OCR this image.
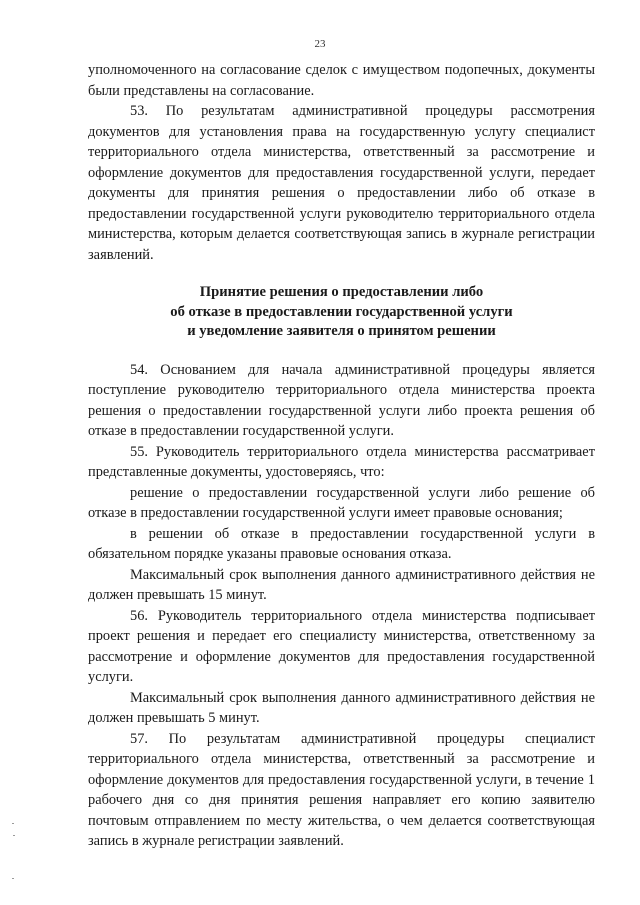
23

уполномоченного на согласование сделок с имуществом подопечных, документы были представлены на согласование.

53. По результатам административной процедуры рассмотрения документов для установления права на государственную услугу специалист территориального отдела министерства, ответственный за рассмотрение и оформление документов для предоставления государственной услуги, передает документы для принятия решения о предоставлении либо об отказе в предоставлении государственной услуги руководителю территориального отдела министерства, которым делается соответствующая запись в журнале регистрации заявлений.

Принятие решения о предоставлении либо
об отказе в предоставлении государственной услуги
и уведомление заявителя о принятом решении

54. Основанием для начала административной процедуры является поступление руководителю территориального отдела министерства проекта решения о предоставлении государственной услуги либо проекта решения об отказе в предоставлении государственной услуги.

55. Руководитель территориального отдела министерства рассматривает представленные документы, удостоверяясь, что:

решение о предоставлении государственной услуги либо решение об отказе в предоставлении государственной услуги имеет правовые основания;

в решении об отказе в предоставлении государственной услуги в обязательном порядке указаны правовые основания отказа.

Максимальный срок выполнения данного административного действия не должен превышать 15 минут.

56. Руководитель территориального отдела министерства подписывает проект решения и передает его специалисту министерства, ответственному за рассмотрение и оформление документов для предоставления государственной услуги.

Максимальный срок выполнения данного административного действия не должен превышать 5 минут.

57. По результатам административной процедуры специалист территориального отдела министерства, ответственный за рассмотрение и оформление документов для предоставления государственной услуги, в течение 1 рабочего дня со дня принятия решения направляет его копию заявителю почтовым отправлением по месту жительства, о чем делается соответствующая запись в журнале регистрации заявлений.
